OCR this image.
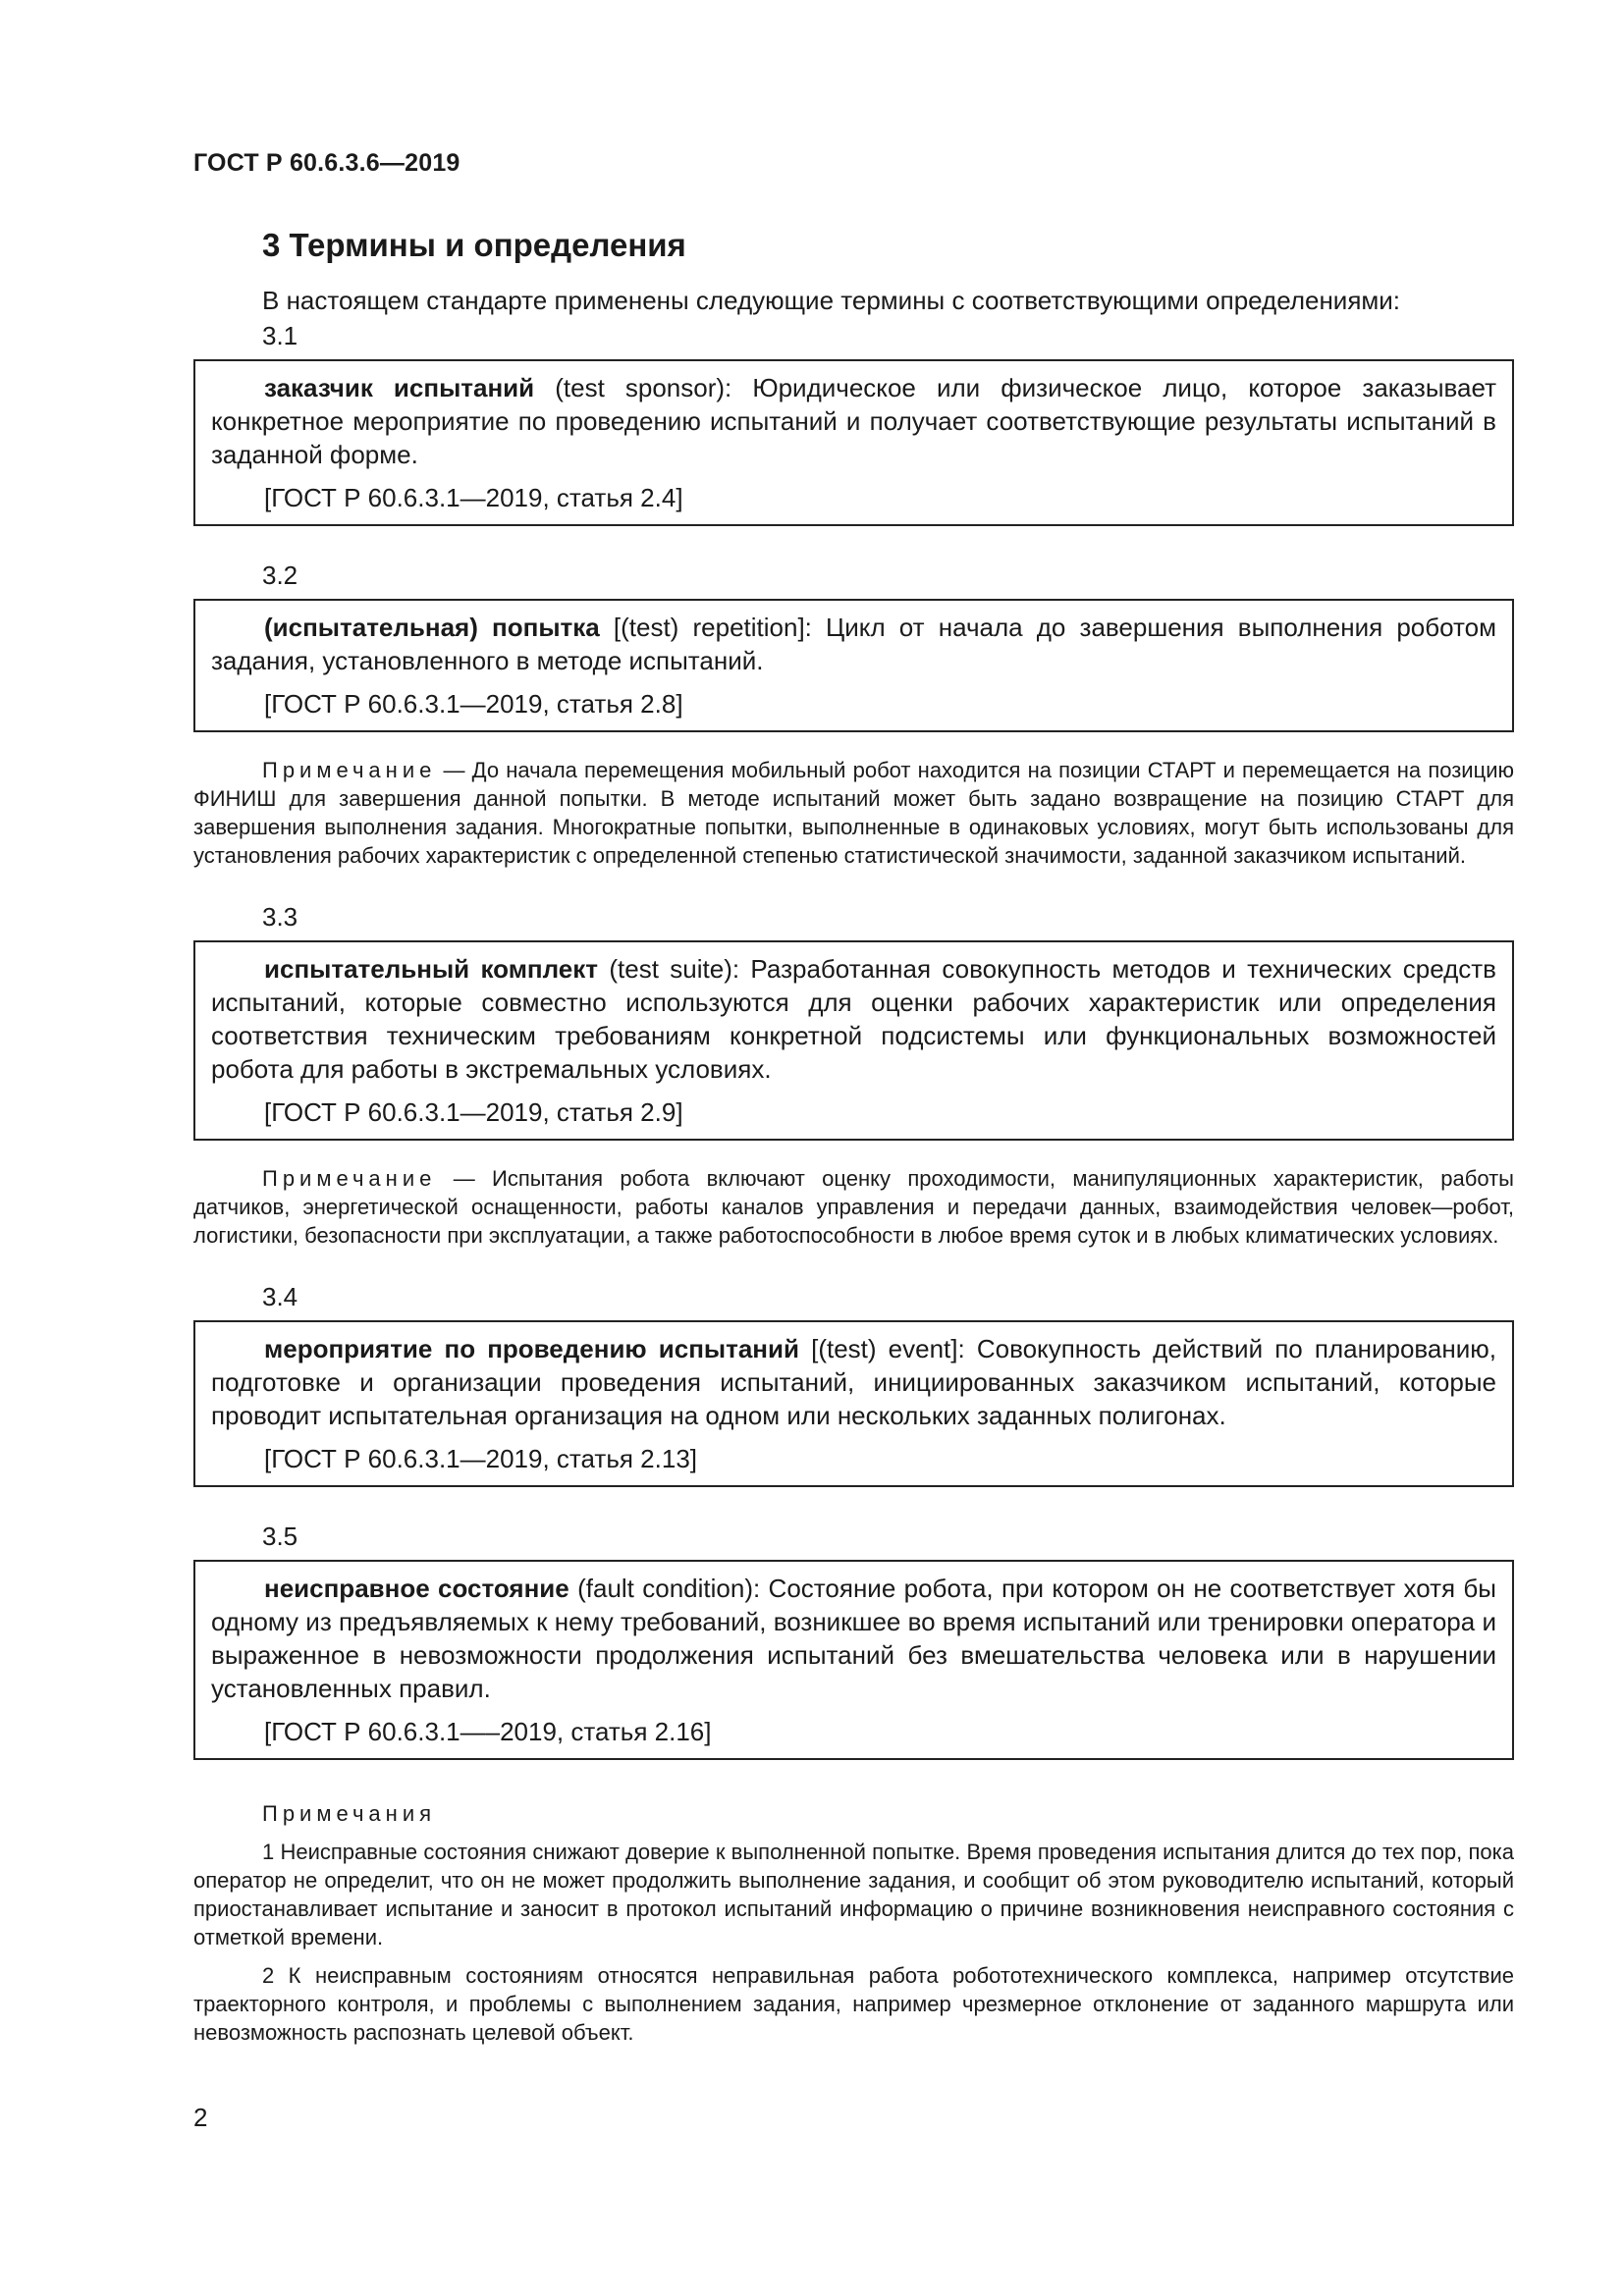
ГОСТ Р 60.6.3.6—2019
3 Термины и определения
В настоящем стандарте применены следующие термины с соответствующими определениями:
3.1

заказчик испытаний (test sponsor): Юридическое или физическое лицо, которое заказывает конкретное мероприятие по проведению испытаний и получает соответствующие результаты испытаний в заданной форме.

[ГОСТ Р 60.6.3.1—2019, статья 2.4]
3.2

(испытательная) попытка [(test) repetition]: Цикл от начала до завершения выполнения роботом задания, установленного в методе испытаний.

[ГОСТ Р 60.6.3.1—2019, статья 2.8]

Примечание — До начала перемещения мобильный робот находится на позиции СТАРТ и перемещается на позицию ФИНИШ для завершения данной попытки. В методе испытаний может быть задано возвращение на позицию СТАРТ для завершения выполнения задания. Многократные попытки, выполненные в одинаковых условиях, могут быть использованы для установления рабочих характеристик с определенной степенью статистической значимости, заданной заказчиком испытаний.

3.3

испытательный комплект (test suite): Разработанная совокупность методов и технических средств испытаний, которые совместно используются для оценки рабочих характеристик или определения соответствия техническим требованиям конкретной подсистемы или функциональных возможностей робота для работы в экстремальных условиях.

[ГОСТ Р 60.6.3.1—2019, статья 2.9]

Примечание — Испытания робота включают оценку проходимости, манипуляционных характеристик, работы датчиков, энергетической оснащенности, работы каналов управления и передачи данных, взаимодействия человек—робот, логистики, безопасности при эксплуатации, а также работоспособности в любое время суток и в любых климатических условиях.

3.4

мероприятие по проведению испытаний [(test) event]: Совокупность действий по планированию, подготовке и организации проведения испытаний, инициированных заказчиком испытаний, которые проводит испытательная организация на одном или нескольких заданных полигонах.

[ГОСТ Р 60.6.3.1—2019, статья 2.13]
3.5

неисправное состояние (fault condition): Состояние робота, при котором он не соответствует хотя бы одному из предъявляемых к нему требований, возникшее во время испытаний или тренировки оператора и выраженное в невозможности продолжения испытаний без вмешательства человека или в нарушении установленных правил.

[ГОСТ Р 60.6.3.1—–2019, статья 2.16]
Примечания

1 Неисправные состояния снижают доверие к выполненной попытке. Время проведения испытания длится до тех пор, пока оператор не определит, что он не может продолжить выполнение задания, и сообщит об этом руководителю испытаний, который приостанавливает испытание и заносит в протокол испытаний информацию о причине возникновения неисправного состояния с отметкой времени.

2 К неисправным состояниям относятся неправильная работа робототехнического комплекса, например отсутствие траекторного контроля, и проблемы с выполнением задания, например чрезмерное отклонение от заданного маршрута или невозможность распознать целевой объект.

2
